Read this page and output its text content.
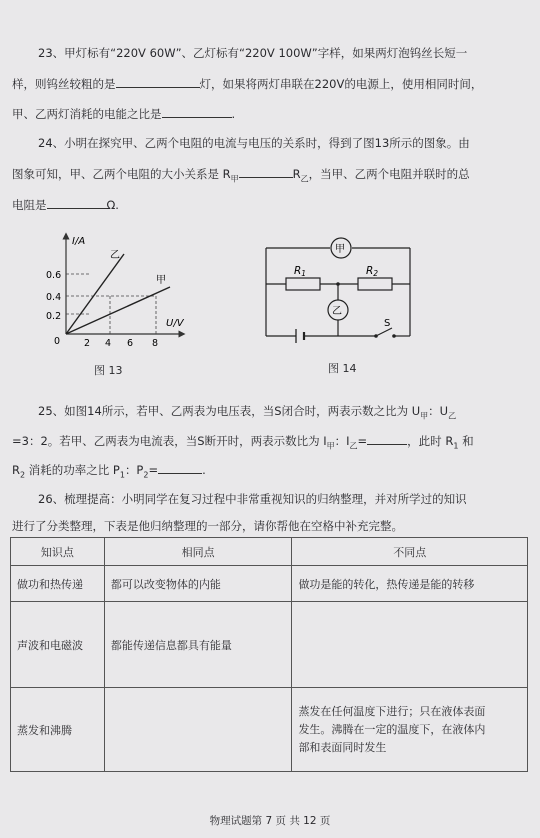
23、甲灯标有“220V 60W”、乙灯标有“220V 100W”字样，如果两灯泡钨丝长短一
样，则钨丝较粗的是	灯，如果将两灯串联在220V的电源上，使用相同时间，
甲、乙两灯消耗的电能之比是	.
24、小明在探究甲、乙两个电阻的电流与电压的关系时，得到了图13所示的图象。由
图象可知，甲、乙两个电阻的大小关系是 $R_甲$	$R_乙$，当甲、乙两个电阻并联时的总
电阻是	Ω.
I/A
U/V
0
0.6
0.4
0.2
2 4 6 8
乙
甲
图 13
甲
乙
R1	R2
S
图 14
25、如图14所示，若甲、乙两表为电压表，当S闭合时，两表示数之比为 $U_甲$：$U_乙$
=3：2。若甲、乙两表为电流表，当S断开时，两表示数比为 $I_甲$：$I_乙=$	，此时 $R_1$ 和
$R_2$ 消耗的功率之比 $P_1$：$P_2=$	.
26、梳理提高：小明同学在复习过程中非常重视知识的归纳整理，并对所学过的知识
进行了分类整理，下表是他归纳整理的一部分，请你帮他在空格中补充完整。
知识点	相同点	不同点
做功和热传递	都可以改变物体的内能	做功是能的转化，热传递是能的转移
声波和电磁波	都能传递信息都具有能量	
蒸发和沸腾		蒸发在任何温度下进行；只在液体表面
发生。沸腾在一定的温度下，在液体内
部和表面同时发生
物理试题第 7 页 共 12 页
